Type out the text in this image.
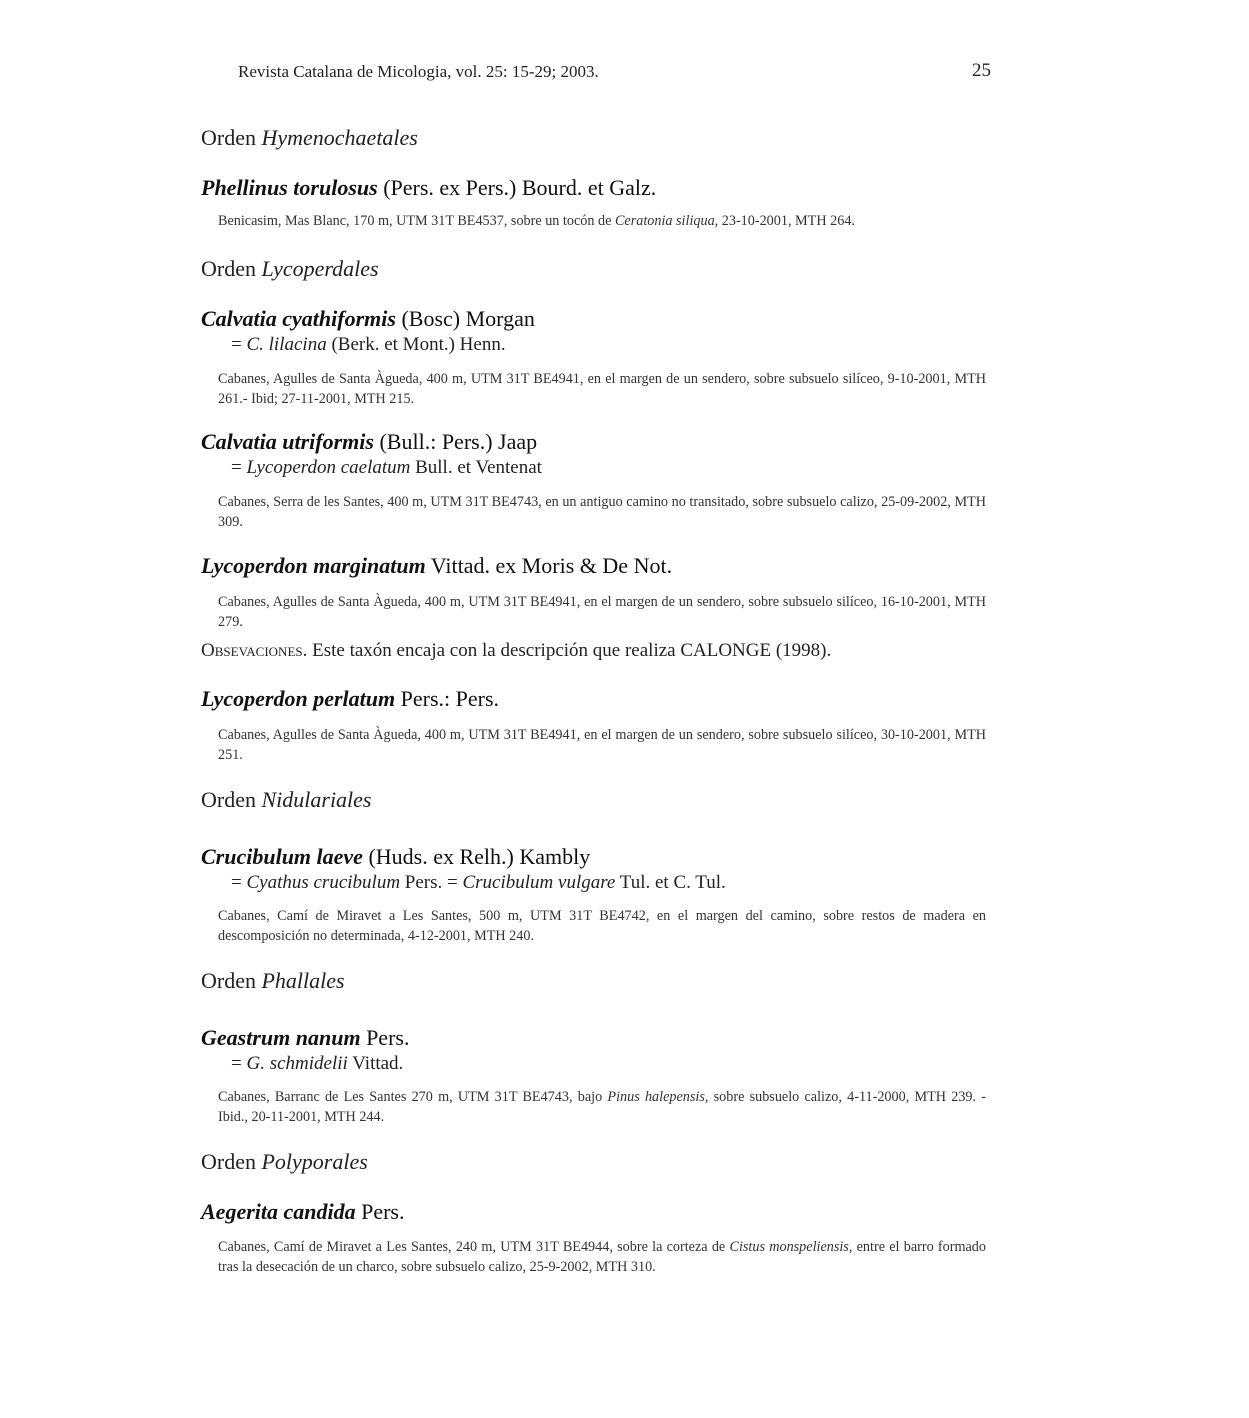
Revista Catalana de Micologia, vol. 25: 15-29; 2003.	25
Orden Hymenochaetales
Phellinus torulosus (Pers. ex Pers.) Bourd. et Galz.
Benicasim, Mas Blanc, 170 m, UTM 31T BE4537, sobre un tocón de Ceratonia siliqua, 23-10-2001, MTH 264.
Orden Lycoperdales
Calvatia cyathiformis (Bosc) Morgan
= C. lilacina (Berk. et Mont.) Henn.
Cabanes, Agulles de Santa Àgueda, 400 m, UTM 31T BE4941, en el margen de un sendero, sobre subsuelo silíceo, 9-10-2001, MTH 261.- Ibid; 27-11-2001, MTH 215.
Calvatia utriformis (Bull.: Pers.) Jaap
= Lycoperdon caelatum Bull. et Ventenat
Cabanes, Serra de les Santes, 400 m, UTM 31T BE4743, en un antiguo camino no transitado, sobre subsuelo calizo, 25-09-2002, MTH 309.
Lycoperdon marginatum Vittad. ex Moris & De Not.
Cabanes, Agulles de Santa Àgueda, 400 m, UTM 31T BE4941, en el margen de un sendero, sobre subsuelo silíceo, 16-10-2001, MTH 279.
Obsevaciones. Este taxón encaja con la descripción que realiza CALONGE (1998).
Lycoperdon perlatum Pers.: Pers.
Cabanes, Agulles de Santa Àgueda, 400 m, UTM 31T BE4941, en el margen de un sendero, sobre subsuelo silíceo, 30-10-2001, MTH 251.
Orden Nidulariales
Crucibulum laeve (Huds. ex Relh.) Kambly
= Cyathus crucibulum Pers. = Crucibulum vulgare Tul. et C. Tul.
Cabanes, Camí de Miravet a Les Santes, 500 m, UTM 31T BE4742, en el margen del camino, sobre restos de madera en descomposición no determinada, 4-12-2001, MTH 240.
Orden Phallales
Geastrum nanum Pers.
= G. schmidelii Vittad.
Cabanes, Barranc de Les Santes 270 m, UTM 31T BE4743, bajo Pinus halepensis, sobre subsuelo calizo, 4-11-2000, MTH 239. - Ibid., 20-11-2001, MTH 244.
Orden Polyporales
Aegerita candida Pers.
Cabanes, Camí de Miravet a Les Santes, 240 m, UTM 31T BE4944, sobre la corteza de Cistus monspeliensis, entre el barro formado tras la desecación de un charco, sobre subsuelo calizo, 25-9-2002, MTH 310.
